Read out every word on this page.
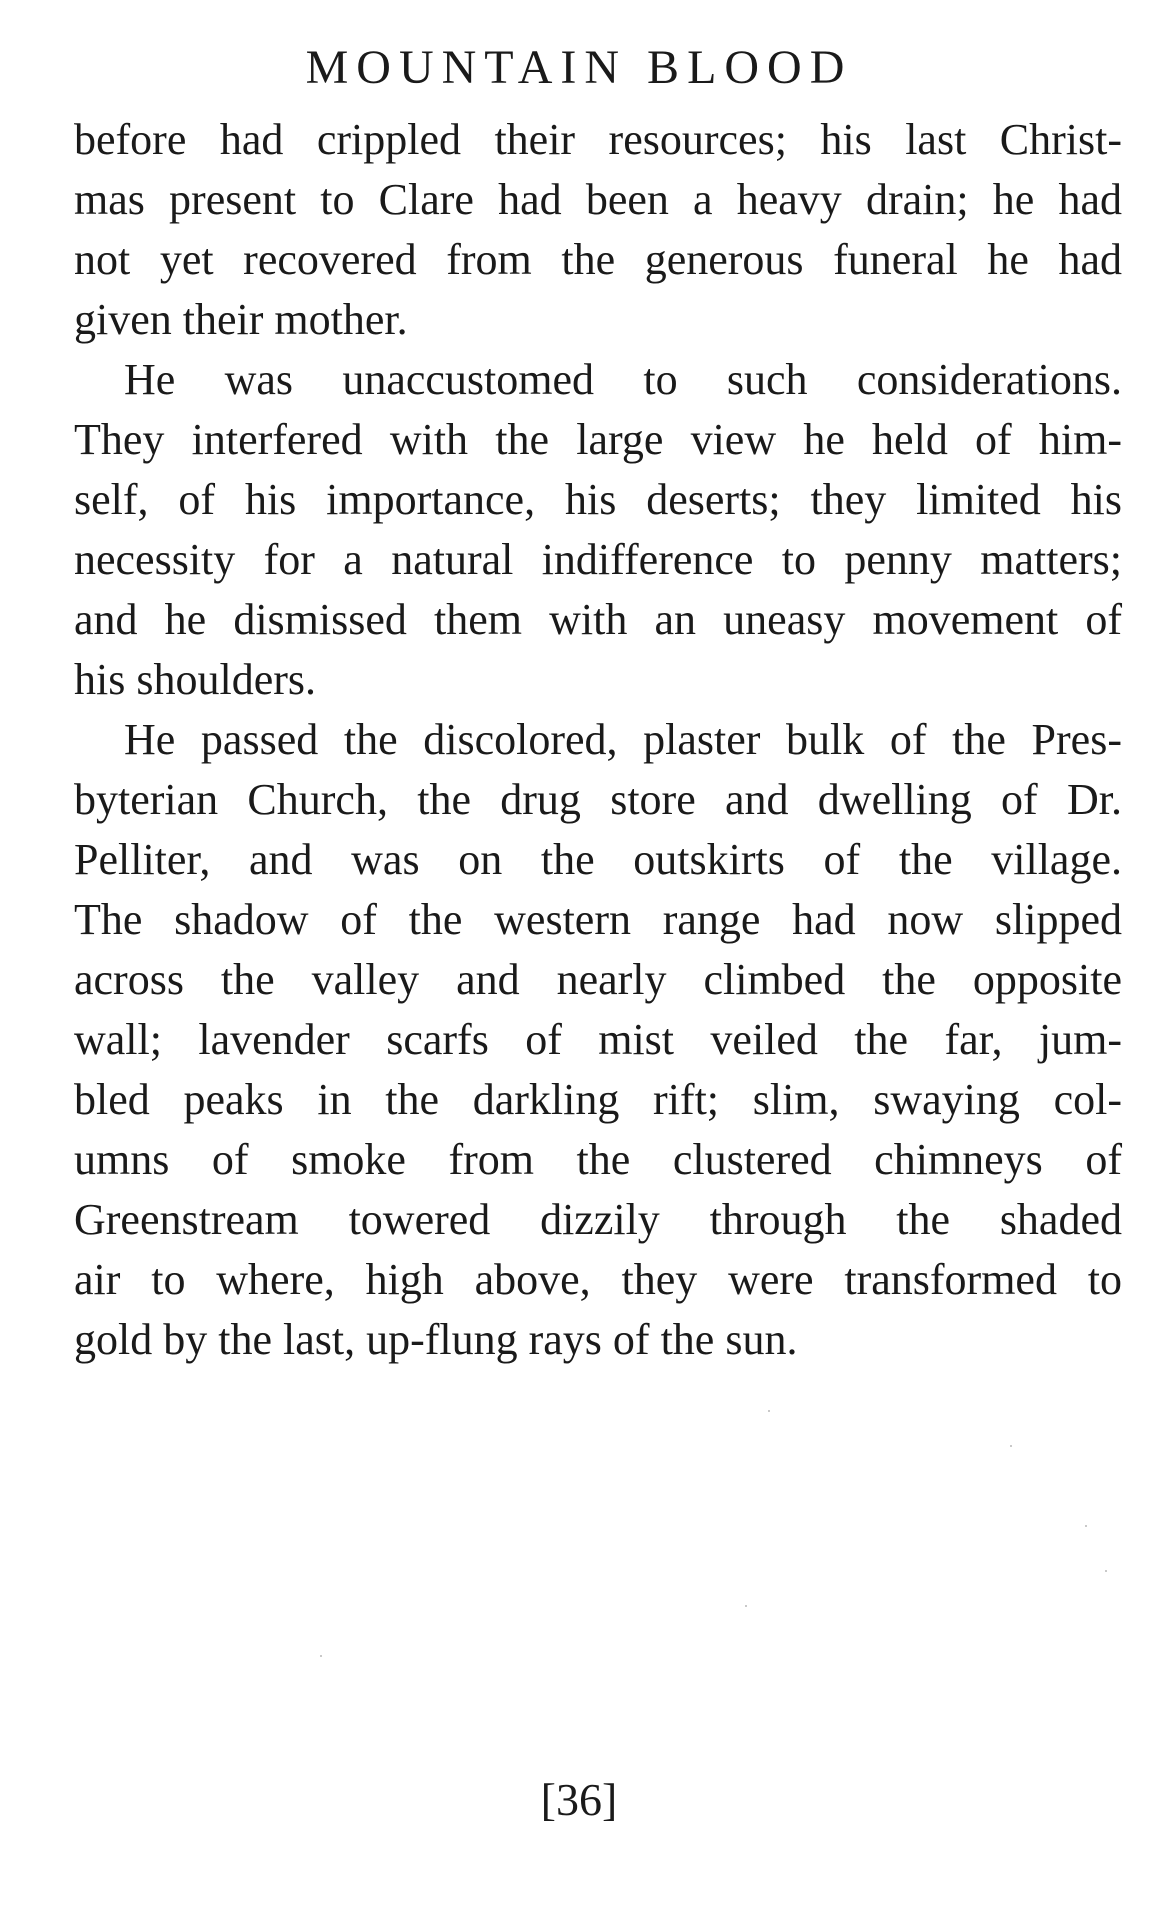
MOUNTAIN BLOOD
before had crippled their resources; his last Christ-
mas present to Clare had been a heavy drain; he had
not yet recovered from the generous funeral he had
given their mother.
He was unaccustomed to such considerations.
They interfered with the large view he held of him-
self, of his importance, his deserts; they limited his
necessity for a natural indifference to penny matters;
and he dismissed them with an uneasy movement of
his shoulders.
He passed the discolored, plaster bulk of the Pres-
byterian Church, the drug store and dwelling of Dr.
Pelliter, and was on the outskirts of the village.
The shadow of the western range had now slipped
across the valley and nearly climbed the opposite
wall; lavender scarfs of mist veiled the far, jum-
bled peaks in the darkling rift; slim, swaying col-
umns of smoke from the clustered chimneys of
Greenstream towered dizzily through the shaded
air to where, high above, they were transformed to
gold by the last, up-flung rays of the sun.
[36]
